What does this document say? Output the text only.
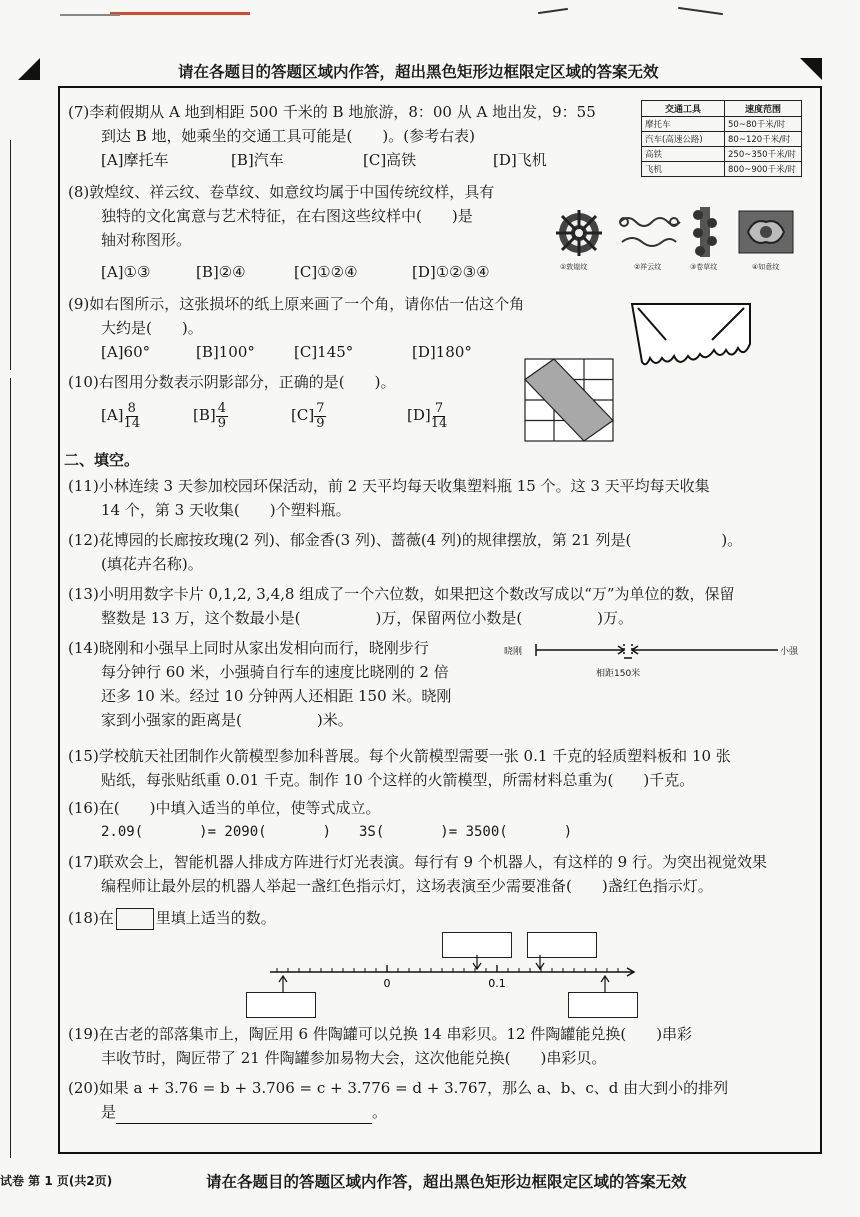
请在各题目的答题区域内作答，超出黑色矩形边框限定区域的答案无效
(7)李莉假期从 A 地到相距 500 千米的 B 地旅游，8：00 从 A 地出发，9：55
到达 B 地，她乘坐的交通工具可能是(　　)。(参考右表)
[A]摩托车	[B]汽车	[C]高铁	[D]飞机
交通工具	速度范围
摩托车	50~80千米/时
汽车(高速公路)	80~120千米/时
高铁	250~350千米/时
飞机	800~900千米/时
(8)敦煌纹、祥云纹、卷草纹、如意纹均属于中国传统纹样，具有
独特的文化寓意与艺术特征，在右图这些纹样中(　　)是
轴对称图形。
[A]①③	[B]②④	[C]①②④	[D]①②③④	①敦煌纹	②祥云纹	③卷草纹	④如意纹
(9)如右图所示，这张损坏的纸上原来画了一个角，请你估一估这个角
大约是(　　)。
[A]60°	[B]100°	[C]145°	[D]180°
(10)右图用分数表示阴影部分，正确的是(　　)。
$[A] \frac{8}{14}$	$[B] \frac{4}{9}$	$[C] \frac{7}{9}$	$[D] \frac{7}{14}$
二、填空。
(11)小林连续 3 天参加校园环保活动，前 2 天平均每天收集塑料瓶 15 个。这 3 天平均每天收集
14 个，第 3 天收集(　　)个塑料瓶。
(12)花博园的长廊按玫瑰(2 列)、郁金香(3 列)、蔷薇(4 列)的规律摆放，第 21 列是(　　　　　　)。
(填花卉名称)。
(13)小明用数字卡片 0,1,2, 3,4,8 组成了一个六位数，如果把这个数改写成以“万”为单位的数，保留
整数是 13 万，这个数最小是(　　　　　)万，保留两位小数是(　　　　　)万。
(14)晓刚和小强早上同时从家出发相向而行，晓刚步行
每分钟行 60 米，小强骑自行车的速度比晓刚的 2 倍
还多 10 米。经过 10 分钟两人还相距 150 米。晓刚
家到小强家的距离是(　　　　　)米。
晓刚	小强
相距150米
(15)学校航天社团制作火箭模型参加科普展。每个火箭模型需要一张 0.1 千克的轻质塑料板和 10 张
贴纸，每张贴纸重 0.01 千克。制作 10 个这样的火箭模型，所需材料总重为(　　)千克。
(16)在(　　)中填入适当的单位，使等式成立。
2.09(　　　　)= 2090(　　　　)　　3S(　　　　)= 3500(　　　　)
(17)联欢会上，智能机器人排成方阵进行灯光表演。每行有 9 个机器人，有这样的 9 行。为突出视觉效果
编程师让最外层的机器人举起一盏红色指示灯，这场表演至少需要准备(　　)盏红色指示灯。
(18)在	里填上适当的数。
0	0.1
(19)在古老的部落集市上，陶匠用 6 件陶罐可以兑换 14 串彩贝。12 件陶罐能兑换(　　)串彩
丰收节时，陶匠带了 21 件陶罐参加易物大会，这次他能兑换(　　)串彩贝。
(20)如果 a + 3.76 = b + 3.706 = c + 3.776 = d + 3.767，那么 a、b、c、d 由大到小的排列
是	。
试卷 第 1 页(共2页)	请在各题目的答题区域内作答，超出黑色矩形边框限定区域的答案无效
